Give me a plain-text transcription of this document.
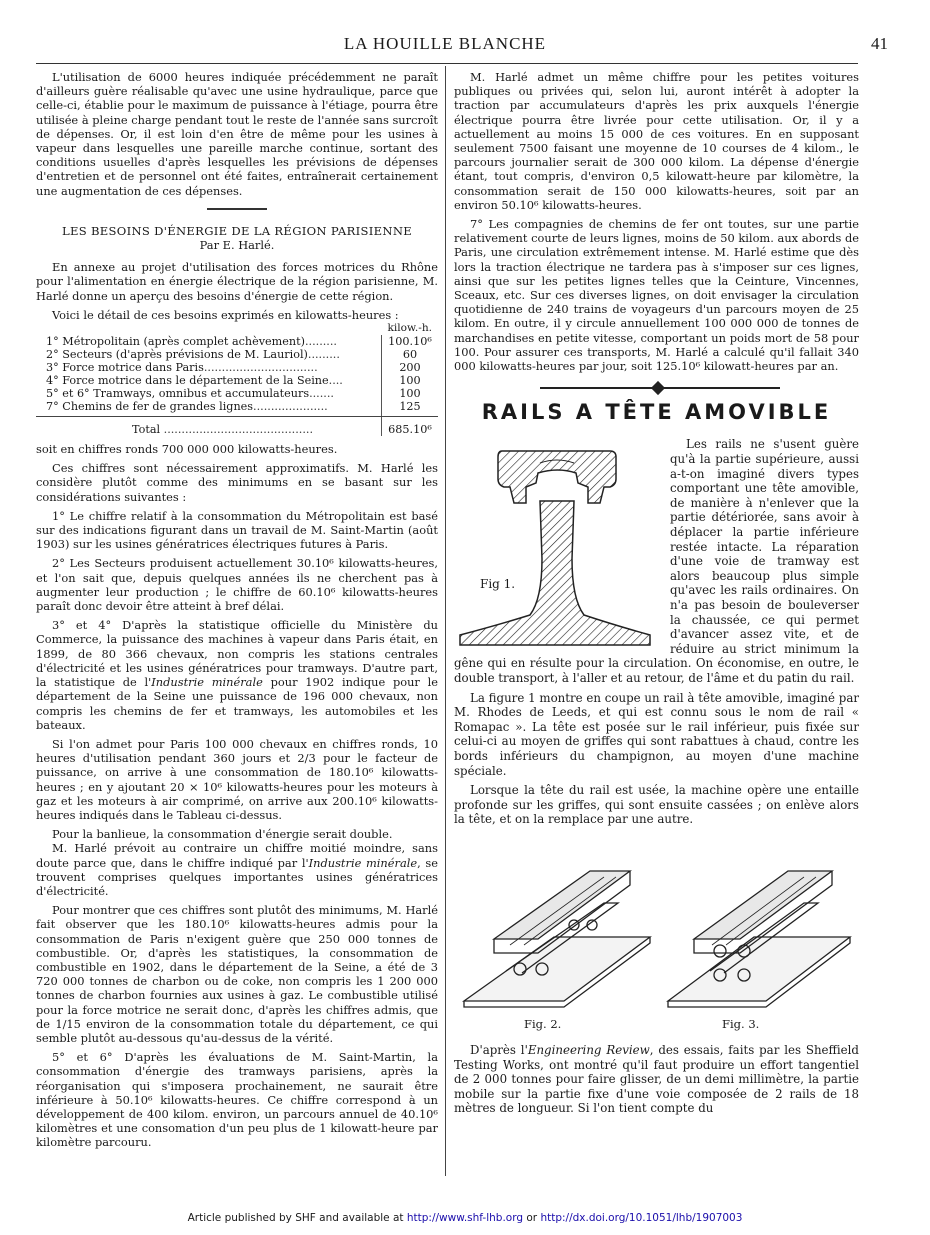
LA HOUILLE BLANCHE	41

L'utilisation de 6000 heures indiquée précédemment ne paraît d'ailleurs guère réalisable qu'avec une usine hydraulique, parce que celle-ci, établie pour le maximum de puissance à l'étiage, pourra être utilisée à pleine charge pendant tout le reste de l'année sans surcroît de dépenses. Or, il est loin d'en être de même pour les usines à vapeur dans lesquelles une pareille marche continue, sortant des conditions usuelles d'après lesquelles les prévisions de dépenses d'entretien et de personnel ont été faites, entraînerait certainement une augmentation de ces dépenses.

LES BESOINS D'ÉNERGIE DE LA RÉGION PARISIENNE

Par E. Harlé.

En annexe au projet d'utilisation des forces motrices du Rhône pour l'alimentation en énergie électrique de la région parisienne, M. Harlé donne un aperçu des besoins d'énergie de cette région.

Voici le détail de ces besoins exprimés en kilowatts-heures :

	kilow.-h.
1° Métropolitain (après complet achèvement).........	100.10⁶
2° Secteurs (d'après prévisions de M. Lauriol).........	60
3° Force motrice dans Paris................................	200
4° Force motrice dans le département de la Seine....	100
5° et 6° Tramways, omnibus et accumulateurs.......	100
7° Chemins de fer de grandes lignes.....................	125
Total ..........................................	685.10⁶

soit en chiffres ronds 700 000 000 kilowatts-heures.

Ces chiffres sont nécessairement approximatifs. M. Harlé les considère plutôt comme des minimums en se basant sur les considérations suivantes :

1° Le chiffre relatif à la consommation du Métropolitain est basé sur des indications figurant dans un travail de M. Saint-Martin (août 1903) sur les usines génératrices électriques futures à Paris.

2° Les Secteurs produisent actuellement 30.10⁶ kilowatts-heures, et l'on sait que, depuis quelques années ils ne cherchent pas à augmenter leur production ; le chiffre de 60.10⁶ kilowatts-heures paraît donc devoir être atteint à bref délai.

3° et 4° D'après la statistique officielle du Ministère du Commerce, la puissance des machines à vapeur dans Paris était, en 1899, de 80 366 chevaux, non compris les stations centrales d'électricité et les usines génératrices pour tramways. D'autre part, la statistique de l'Industrie minérale pour 1902 indique pour le département de la Seine une puissance de 196 000 chevaux, non compris les chemins de fer et tramways, les automobiles et les bateaux.

Si l'on admet pour Paris 100 000 chevaux en chiffres ronds, 10 heures d'utilisation pendant 360 jours et 2/3 pour le facteur de puissance, on arrive à une consommation de 180.10⁶ kilowatts-heures ; en y ajoutant 20 × 10⁶ kilowatts-heures pour les moteurs à gaz et les moteurs à air comprimé, on arrive aux 200.10⁶ kilowatts-heures indiqués dans le Tableau ci-dessus.

Pour la banlieue, la consommation d'énergie serait double.

M. Harlé prévoit au contraire un chiffre moitié moindre, sans doute parce que, dans le chiffre indiqué par l'Industrie minérale, se trouvent comprises quelques importantes usines génératrices d'électricité.

Pour montrer que ces chiffres sont plutôt des minimums, M. Harlé fait observer que les 180.10⁶ kilowatts-heures admis pour la consommation de Paris n'exigent guère que 250 000 tonnes de combustible. Or, d'après les statistiques, la consommation de combustible en 1902, dans le département de la Seine, a été de 3 720 000 tonnes de charbon ou de coke, non compris les 1 200 000 tonnes de charbon fournies aux usines à gaz. Le combustible utilisé pour la force motrice ne serait donc, d'après les chiffres admis, que de 1/15 environ de la consommation totale du département, ce qui semble plutôt au-dessous qu'au-dessus de la vérité.

5° et 6° D'après les évaluations de M. Saint-Martin, la consommation d'énergie des tramways parisiens, après la réorganisation qui s'imposera prochainement, ne saurait être inférieure à 50.10⁶ kilowatts-heures. Ce chiffre correspond à un développement de 400 kilom. environ, un parcours annuel de 40.10⁶ kilomètres et une consomation d'un peu plus de 1 kilowatt-heure par kilomètre parcouru.

M. Harlé admet un même chiffre pour les petites voitures publiques ou privées qui, selon lui, auront intérêt à adopter la traction par accumulateurs d'après les prix auxquels l'énergie électrique pourra être livrée pour cette utilisation. Or, il y a actuellement au moins 15 000 de ces voitures. En en supposant seulement 7500 faisant une moyenne de 10 courses de 4 kilom., le parcours journalier serait de 300 000 kilom. La dépense d'énergie étant, tout compris, d'environ 0,5 kilowatt-heure par kilomètre, la consommation serait de 150 000 kilowatts-heures, soit par an environ 50.10⁶ kilowatts-heures.

7° Les compagnies de chemins de fer ont toutes, sur une partie relativement courte de leurs lignes, moins de 50 kilom. aux abords de Paris, une circulation extrêmement intense. M. Harlé estime que dès lors la traction électrique ne tardera pas à s'imposer sur ces lignes, ainsi que sur les petites lignes telles que la Ceinture, Vincennes, Sceaux, etc. Sur ces diverses lignes, on doit envisager la circulation quotidienne de 240 trains de voyageurs d'un parcours moyen de 25 kilom. En outre, il y circule annuellement 100 000 000 de tonnes de marchandises en petite vitesse, comportant un poids mort de 58 pour 100. Pour assurer ces transports, M. Harlé a calculé qu'il fallait 340 000 kilowatts-heures par jour, soit 125.10⁶ kilowatt-heures par an.

RAILS A TÊTE AMOVIBLE

Fig 1.

Les rails ne s'usent guère qu'à la partie supérieure, aussi a-t-on imaginé divers types comportant une tête amovible, de manière à n'enlever que la partie détériorée, sans avoir à déplacer la partie inférieure restée intacte. La réparation d'une voie de tramway est alors beaucoup plus simple qu'avec les rails ordinaires. On n'a pas besoin de bouleverser la chaussée, ce qui permet d'avancer assez vite, et de réduire au strict minimum la gêne qui en résulte pour la circulation. On économise, en outre, le double transport, à l'aller et au retour, de l'âme et du patin du rail.

La figure 1 montre en coupe un rail à tête amovible, imaginé par M. Rhodes de Leeds, et qui est connu sous le nom de rail « Romapac ». La tête est posée sur le rail inférieur, puis fixée sur celui-ci au moyen de griffes qui sont rabattues à chaud, contre les bords inférieurs du champignon, au moyen d'une machine spéciale.

Lorsque la tête du rail est usée, la machine opère une entaille profonde sur les griffes, qui sont ensuite cassées ; on enlève alors la tête, et on la remplace par une autre.

Fig. 2.	Fig. 3.

D'après l'Engineering Review, des essais, faits par les Sheffield Testing Works, ont montré qu'il faut produire un effort tangentiel de 2 000 tonnes pour faire glisser, de un demi millimètre, la partie mobile sur la partie fixe d'une voie composée de 2 rails de 18 mètres de longueur. Si l'on tient compte du

Article published by SHF and available at http://www.shf-lhb.org or http://dx.doi.org/10.1051/lhb/1907003
